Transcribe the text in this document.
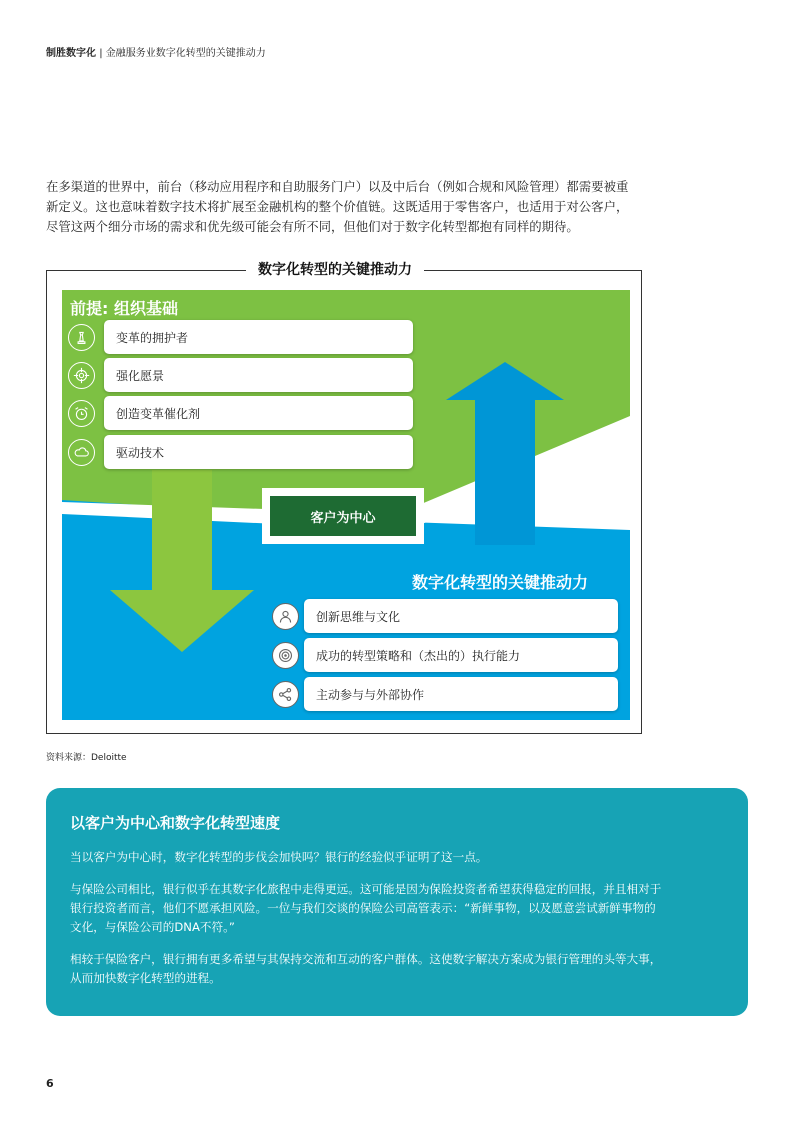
制胜数字化 | 金融服务业数字化转型的关键推动力

在多渠道的世界中，前台（移动应用程序和自助服务门户）以及中后台（例如合规和风险管理）都需要被重

新定义。这也意味着数字技术将扩展至金融机构的整个价值链。这既适用于零售客户，也适用于对公客户，

尽管这两个细分市场的需求和优先级可能会有所不同，但他们对于数字化转型都抱有同样的期待。

数字化转型的关键推动力
前提: 组织基础
变革的拥护者
强化愿景
创造变革催化剂
驱动技术
客户为中心
数字化转型的关键推动力
创新思维与文化
成功的转型策略和（杰出的）执行能力
主动参与与外部协作
资料来源：Deloitte
以客户为中心和数字化转型速度

当以客户为中心时，数字化转型的步伐会加快吗？银行的经验似乎证明了这一点。

与保险公司相比，银行似乎在其数字化旅程中走得更远。这可能是因为保险投资者希望获得稳定的回报，并且相对于
银行投资者而言，他们不愿承担风险。一位与我们交谈的保险公司高管表示：“新鲜事物，以及愿意尝试新鲜事物的
文化，与保险公司的DNA不符。”

相较于保险客户，银行拥有更多希望与其保持交流和互动的客户群体。这使数字解决方案成为银行管理的头等大事，
从而加快数字化转型的进程。

6
